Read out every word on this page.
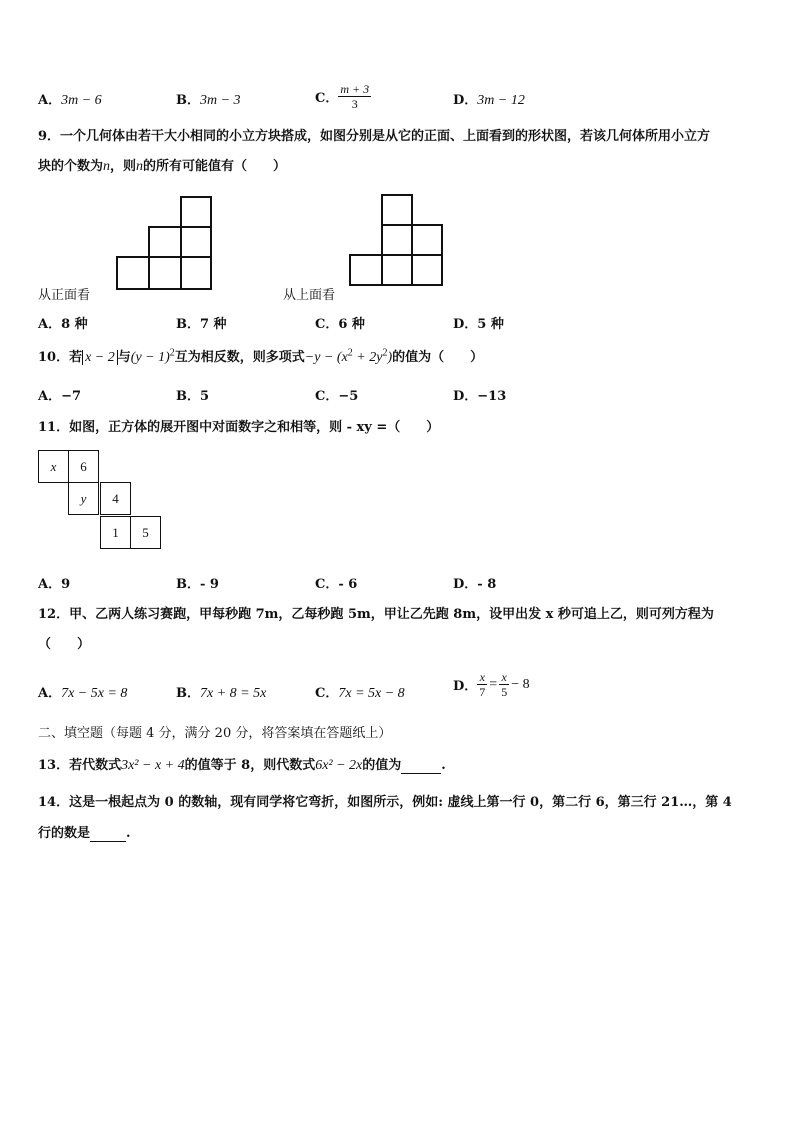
A．3m − 6	B．3m − 3	C． $\frac{m + 3}{3}$	D．3m − 12
9．一个几何体由若干大小相同的小立方块搭成，如图分别是从它的正面、上面看到的形状图，若该几何体所用小立方
块的个数为n，则n的所有可能值有（　　）
从正面看	从上面看
A．8 种	B．7 种	C．6 种	D．5 种
10．若 x − 2 与$(y - 1)^2$互为相反数，则多项式$-y - (x^2 + 2y^2)$的值为（　　）
A．−7	B．5	C．−5	D．−13
11．如图，正方体的展开图中对面数字之和相等，则 - xy =（　　）
x	6
y	4
1	5
A．9	B．- 9	C．- 6	D．- 8
12．甲、乙两人练习赛跑，甲每秒跑 7m，乙每秒跑 5m，甲让乙先跑 8m，设甲出发 x 秒可追上乙，则可列方程为
（　　）
A．7x − 5x = 8	B．7x + 8 = 5x	C．7x = 5x − 8	D． $\frac{x}{7} = \frac{x}{5} - 8$
二、填空题（每题 4 分，满分 20 分，将答案填在答题纸上）
13．若代数式3x² − x + 4的值等于 8，则代数式6x² − 2x的值为	.
14．这是一根起点为 0 的数轴，现有同学将它弯折，如图所示，例如: 虚线上第一行 0，第二行 6，第三行 21…，第 4
行的数是	.
